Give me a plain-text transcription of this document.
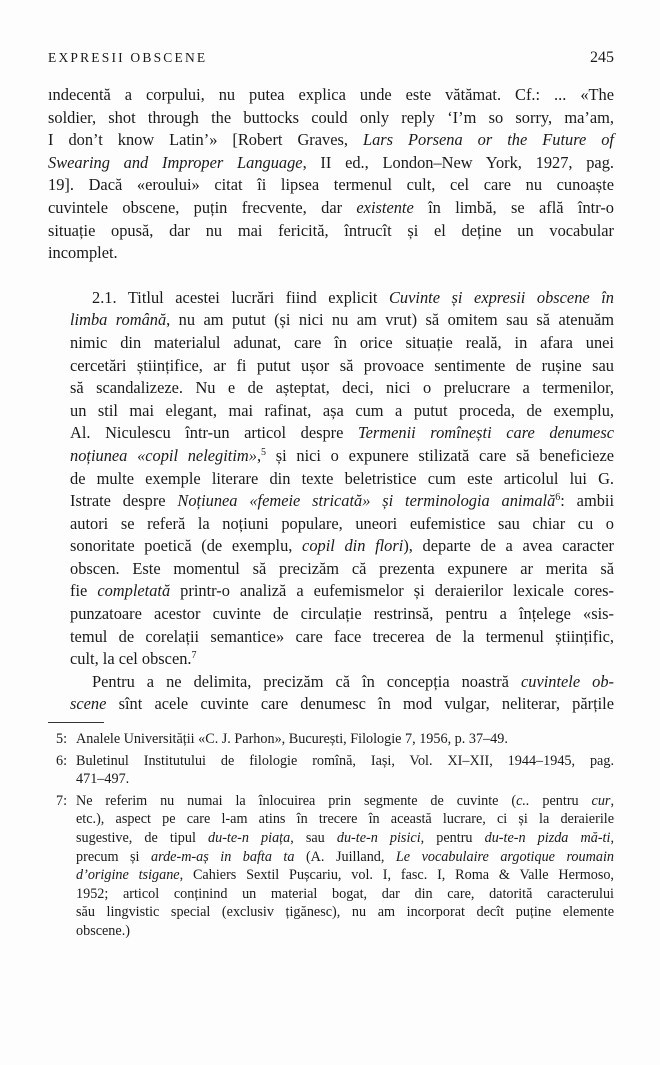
EXPRESII OBSCENE	245

ındecentă a corpului, nu putea explica unde este vătămat. Cf.: ... «The
soldier, shot through the buttocks could only reply ‘I’m so sorry, ma’am,
I don’t know Latin’» [Robert Graves, Lars Porsena or the Future of
Swearing and Improper Language, II ed., London–New York, 1927, pag.
19]. Dacă «eroului» citat îi lipsea termenul cult, cel care nu cunoaște
cuvintele obscene, puțin frecvente, dar existente în limbă, se află într-o
situație opusă, dar nu mai fericită, întrucît și el deține un vocabular
incomplet.

2.1. Titlul acestei lucrări fiind explicit Cuvinte și expresii obscene în
limba română, nu am putut (și nici nu am vrut) să omitem sau să atenuăm
nimic din materialul adunat, care în orice situație reală, in afara unei
cercetări științifice, ar fi putut ușor să provoace sentimente de rușine sau
să scandalizeze. Nu e de așteptat, deci, nici o prelucrare a termenilor,
un stil mai elegant, mai rafinat, așa cum a putut proceda, de exemplu,
Al. Niculescu într-un articol despre Termenii romînești care denumesc
noțiunea «copil nelegitim»,$^5$ și nici o expunere stilizată care să beneficieze
de multe exemple literare din texte beletristice cum este articolul lui G.
Istrate despre Noțiunea «femeie stricată» și terminologia animală$^6$: ambii
autori se referă la noțiuni populare, uneori eufemistice sau chiar cu o
sonoritate poetică (de exemplu, copil din flori), departe de a avea caracter
obscen. Este momentul să precizăm că prezenta expunere ar merita să
fie completată printr-o analiză a eufemismelor și deraierilor lexicale cores-
punzatoare acestor cuvinte de circulație restrinsă, pentru a înțelege «sis-
temul de corelații semantice» care face trecerea de la termenul științific,
cult, la cel obscen.$^7$

Pentru a ne delimita, precizăm că în concepția noastră cuvintele ob-
scene sînt acele cuvinte care denumesc în mod vulgar, neliterar, părțile

5: Analele Universității «C. J. Parhon», București, Filologie 7, 1956, p. 37–49.
6: Buletinul Institutului de filologie romînă, Iași, Vol. XI–XII, 1944–1945, pag.
471–497.
7: Ne referim nu numai la înlocuirea prin segmente de cuvinte (c.. pentru cur,
etc.), aspect pe care l-am atins în trecere în această lucrare, ci și la deraierile
sugestive, de tipul du-te-n piața, sau du-te-n pisici, pentru du-te-n pizda mă-ti,
precum și arde-m-aș in bafta ta (A. Juilland, Le vocabulaire argotique roumain
d’origine tsigane, Cahiers Sextil Pușcariu, vol. I, fasc. I, Roma & Valle Hermoso,
1952; articol conținind un material bogat, dar din care, datorită caracterului
său lingvistic special (exclusiv țigănesc), nu am incorporat decît puține elemente
obscene.)
